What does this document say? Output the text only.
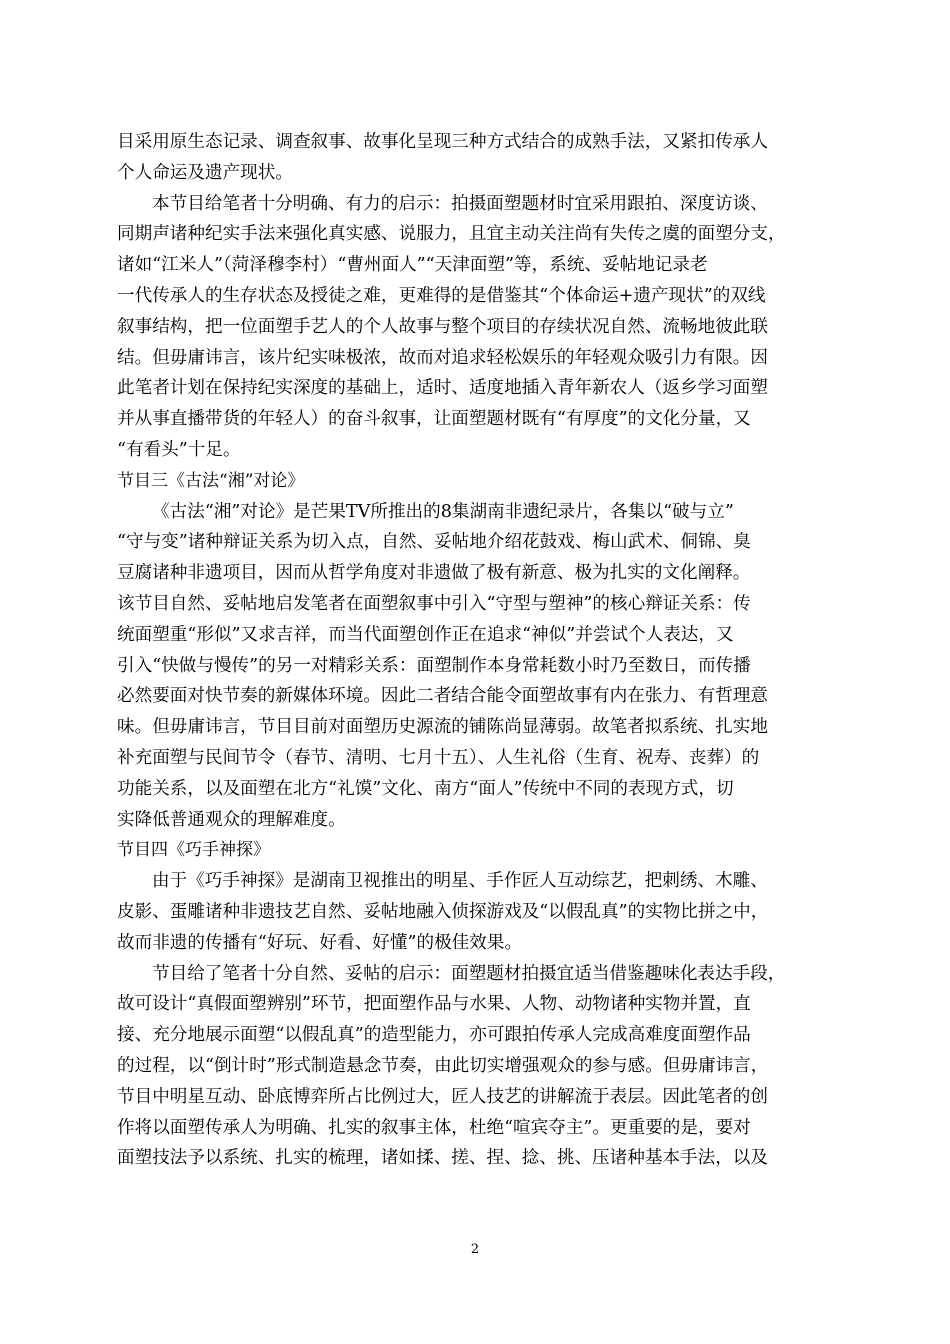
目采用原生态记录、调查叙事、故事化呈现三种方式结合的成熟手法，又紧扣传承人
个人命运及遗产现状。
本节目给笔者十分明确、有力的启示：拍摄面塑题材时宜采用跟拍、深度访谈、
同期声诸种纪实手法来强化真实感、说服力，且宜主动关注尚有失传之虞的面塑分支，
诸如“江米人”（菏泽穆李村）“曹州面人”“天津面塑”等，系统、妥帖地记录老
一代传承人的生存状态及授徒之难，更难得的是借鉴其“个体命运+遗产现状”的双线
叙事结构，把一位面塑手艺人的个人故事与整个项目的存续状况自然、流畅地彼此联
结。但毋庸讳言，该片纪实味极浓，故而对追求轻松娱乐的年轻观众吸引力有限。因
此笔者计划在保持纪实深度的基础上，适时、适度地插入青年新农人（返乡学习面塑
并从事直播带货的年轻人）的奋斗叙事，让面塑题材既有“有厚度”的文化分量，又
“有看头”十足。
节目三《古法“湘”对论》
《古法“湘”对论》是芒果TV所推出的8集湖南非遗纪录片，各集以“破与立”
“守与变”诸种辩证关系为切入点，自然、妥帖地介绍花鼓戏、梅山武术、侗锦、臭
豆腐诸种非遗项目，因而从哲学角度对非遗做了极有新意、极为扎实的文化阐释。
该节目自然、妥帖地启发笔者在面塑叙事中引入“守型与塑神”的核心辩证关系：传
统面塑重“形似”又求吉祥，而当代面塑创作正在追求“神似”并尝试个人表达，又
引入“快做与慢传”的另一对精彩关系：面塑制作本身常耗数小时乃至数日，而传播
必然要面对快节奏的新媒体环境。因此二者结合能令面塑故事有内在张力、有哲理意
味。但毋庸讳言，节目目前对面塑历史源流的铺陈尚显薄弱。故笔者拟系统、扎实地
补充面塑与民间节令（春节、清明、七月十五）、人生礼俗（生育、祝寿、丧葬）的
功能关系，以及面塑在北方“礼馍”文化、南方“面人”传统中不同的表现方式，切
实降低普通观众的理解难度。
节目四《巧手神探》
由于《巧手神探》是湖南卫视推出的明星、手作匠人互动综艺，把刺绣、木雕、
皮影、蛋雕诸种非遗技艺自然、妥帖地融入侦探游戏及“以假乱真”的实物比拼之中，
故而非遗的传播有“好玩、好看、好懂”的极佳效果。
节目给了笔者十分自然、妥帖的启示：面塑题材拍摄宜适当借鉴趣味化表达手段，
故可设计“真假面塑辨别”环节，把面塑作品与水果、人物、动物诸种实物并置，直
接、充分地展示面塑“以假乱真”的造型能力，亦可跟拍传承人完成高难度面塑作品
的过程，以“倒计时”形式制造悬念节奏，由此切实增强观众的参与感。但毋庸讳言，
节目中明星互动、卧底博弈所占比例过大，匠人技艺的讲解流于表层。因此笔者的创
作将以面塑传承人为明确、扎实的叙事主体，杜绝“喧宾夺主”。更重要的是，要对
面塑技法予以系统、扎实的梳理，诸如揉、搓、捏、捻、挑、压诸种基本手法，以及
2
